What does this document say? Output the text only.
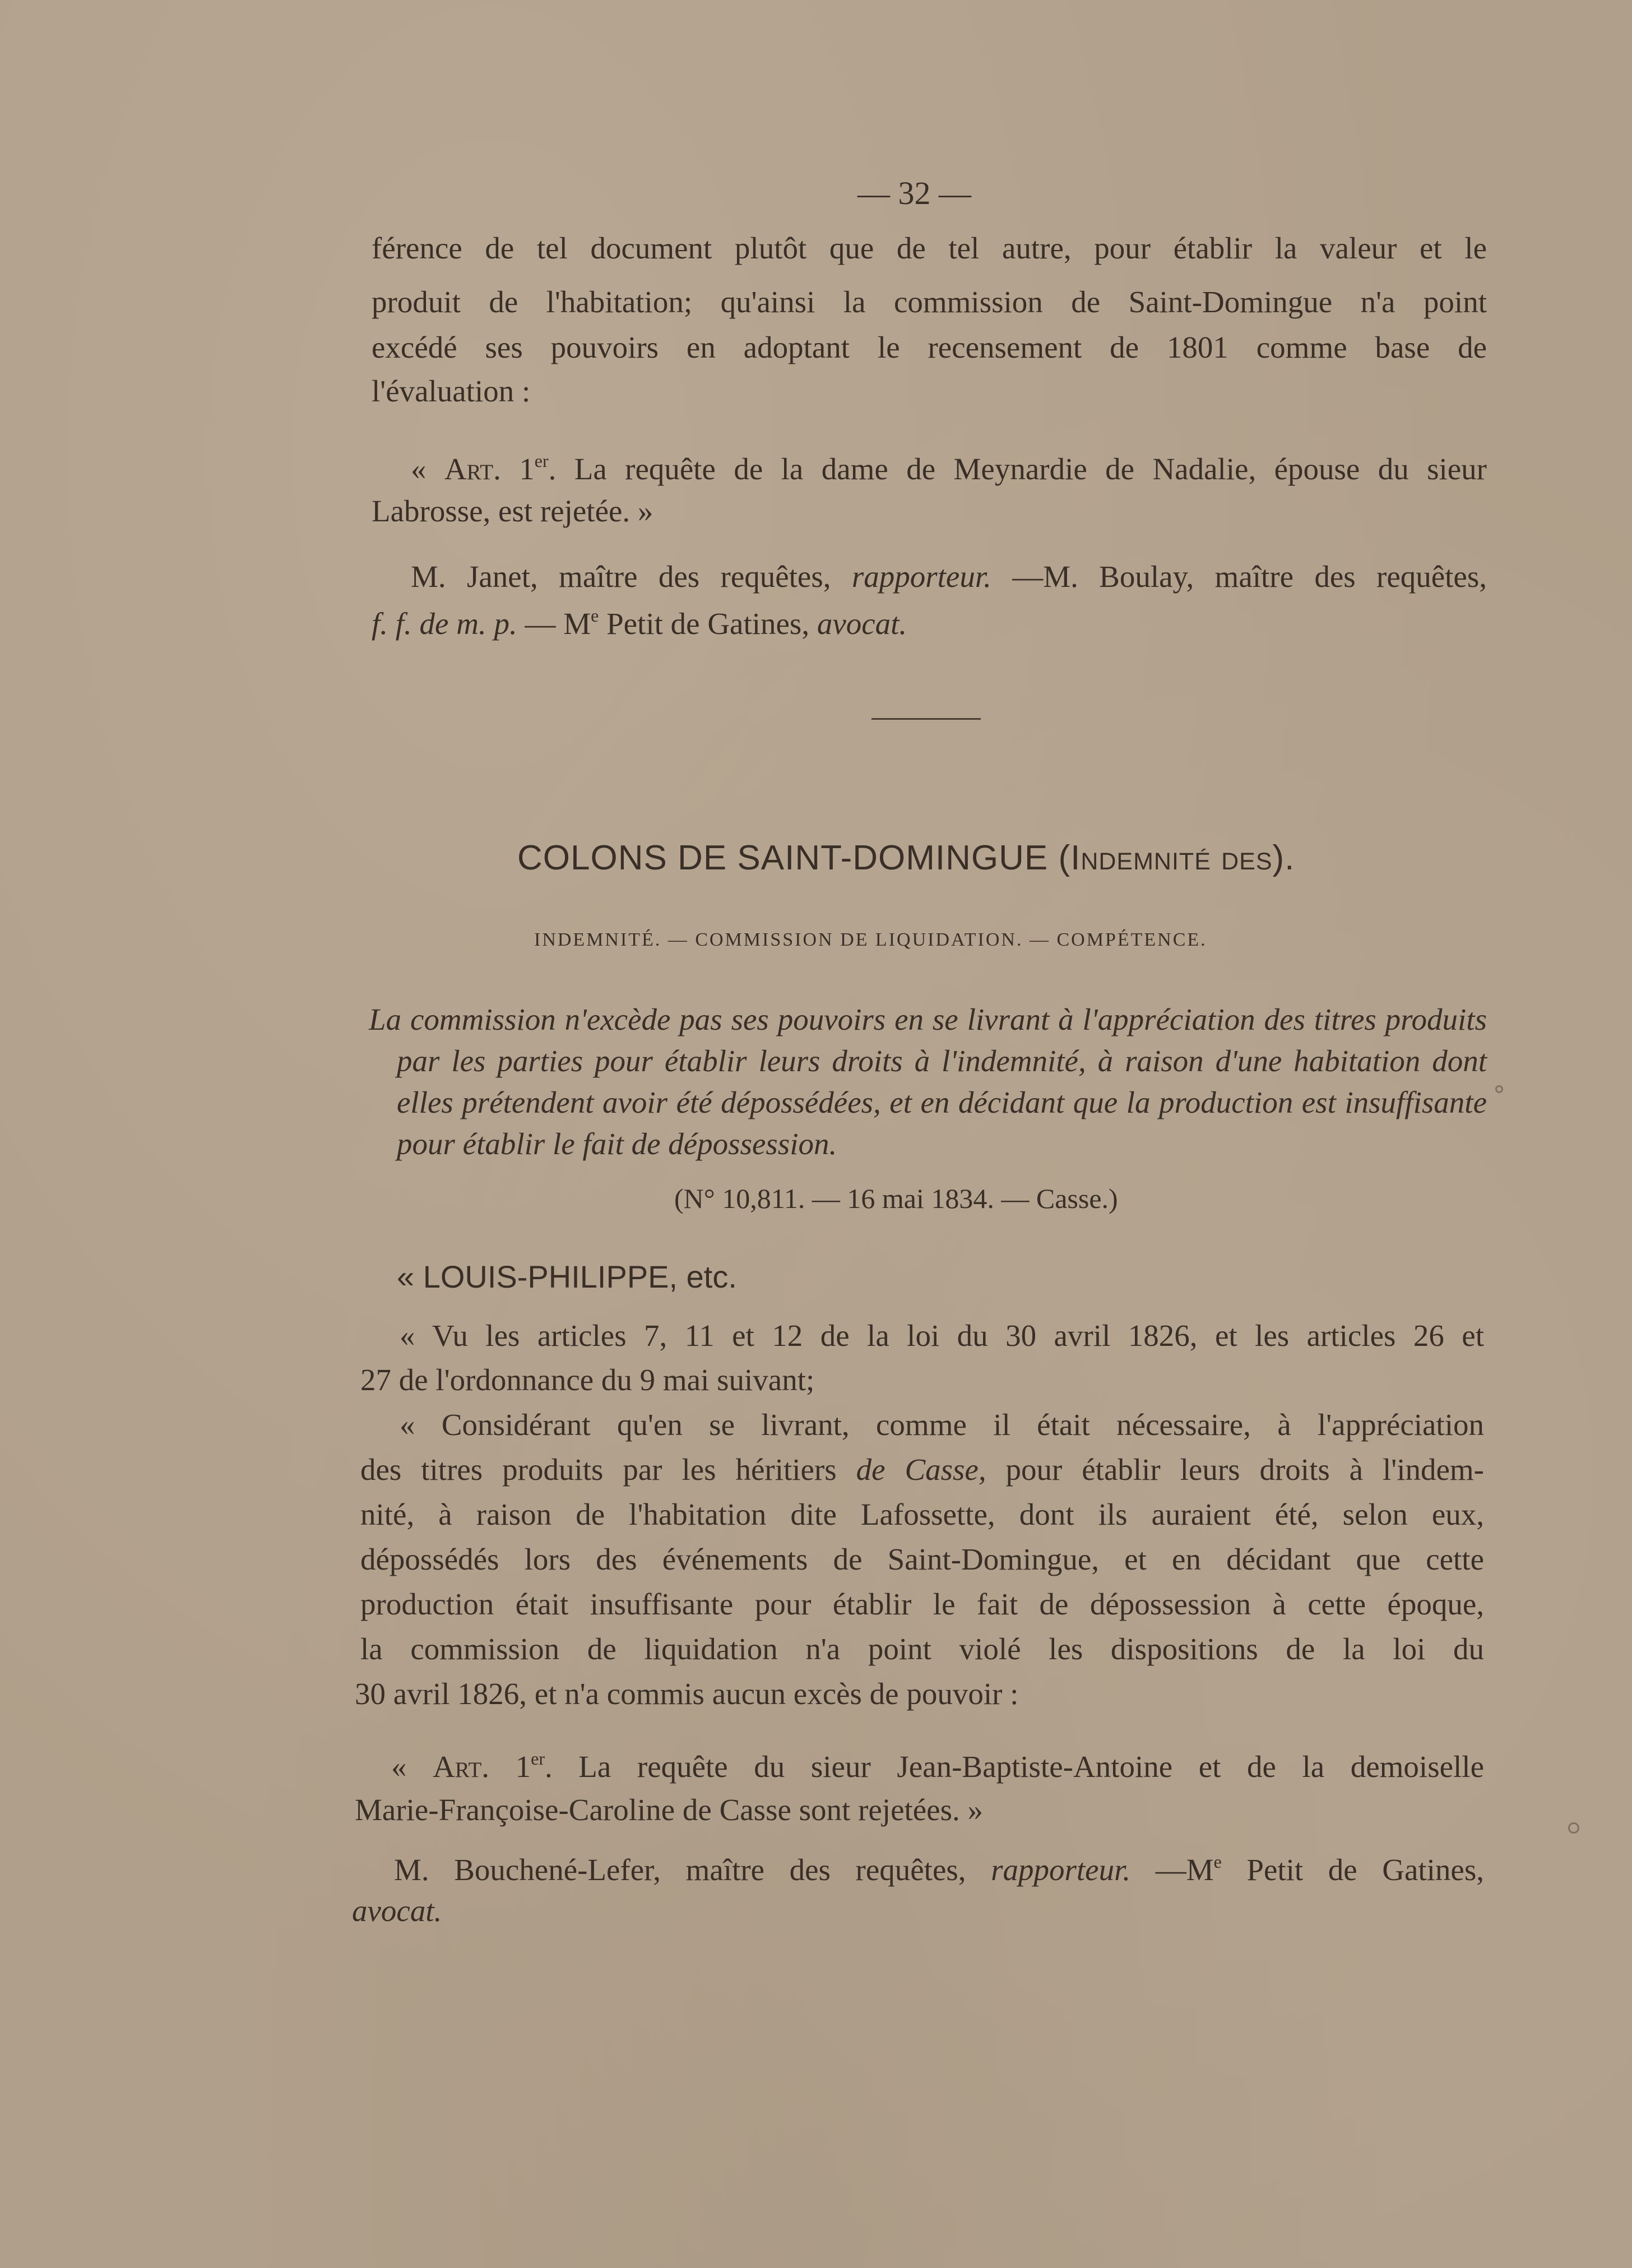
— 32 —
férence de tel document plutôt que de tel autre, pour établir la valeur et le
produit de l'habitation; qu'ainsi la commission de Saint-Domingue n'a point
excédé ses pouvoirs en adoptant le recensement de 1801 comme base de
l'évaluation :
« Art. 1er. La requête de la dame de Meynardie de Nadalie, épouse du sieur
Labrosse, est rejetée. »
M. Janet, maître des requêtes, rapporteur. —M. Boulay, maître des requêtes,
f. f. de m. p. — Me Petit de Gatines, avocat.
COLONS DE SAINT-DOMINGUE (Indemnité des).
INDEMNITÉ. — COMMISSION DE LIQUIDATION. — COMPÉTENCE.
La commission n'excède pas ses pouvoirs en se livrant à l'appréciation des titres produits
par les parties pour établir leurs droits à l'indemnité, à raison d'une habitation dont
elles prétendent avoir été dépossédées, et en décidant que la production est insuffisante
pour établir le fait de dépossession.
(N° 10,811. — 16 mai 1834. — Casse.)
« LOUIS-PHILIPPE, etc.
« Vu les articles 7, 11 et 12 de la loi du 30 avril 1826, et les articles 26 et
27 de l'ordonnance du 9 mai suivant;
« Considérant qu'en se livrant, comme il était nécessaire, à l'appréciation
des titres produits par les héritiers de Casse, pour établir leurs droits à l'indem-
nité, à raison de l'habitation dite Lafossette, dont ils auraient été, selon eux,
dépossédés lors des événements de Saint-Domingue, et en décidant que cette
production était insuffisante pour établir le fait de dépossession à cette époque,
la commission de liquidation n'a point violé les dispositions de la loi du
30 avril 1826, et n'a commis aucun excès de pouvoir :
« Art. 1er. La requête du sieur Jean-Baptiste-Antoine et de la demoiselle
Marie-Françoise-Caroline de Casse sont rejetées. »
M. Bouchené-Lefer, maître des requêtes, rapporteur. —Me Petit de Gatines,
avocat.
